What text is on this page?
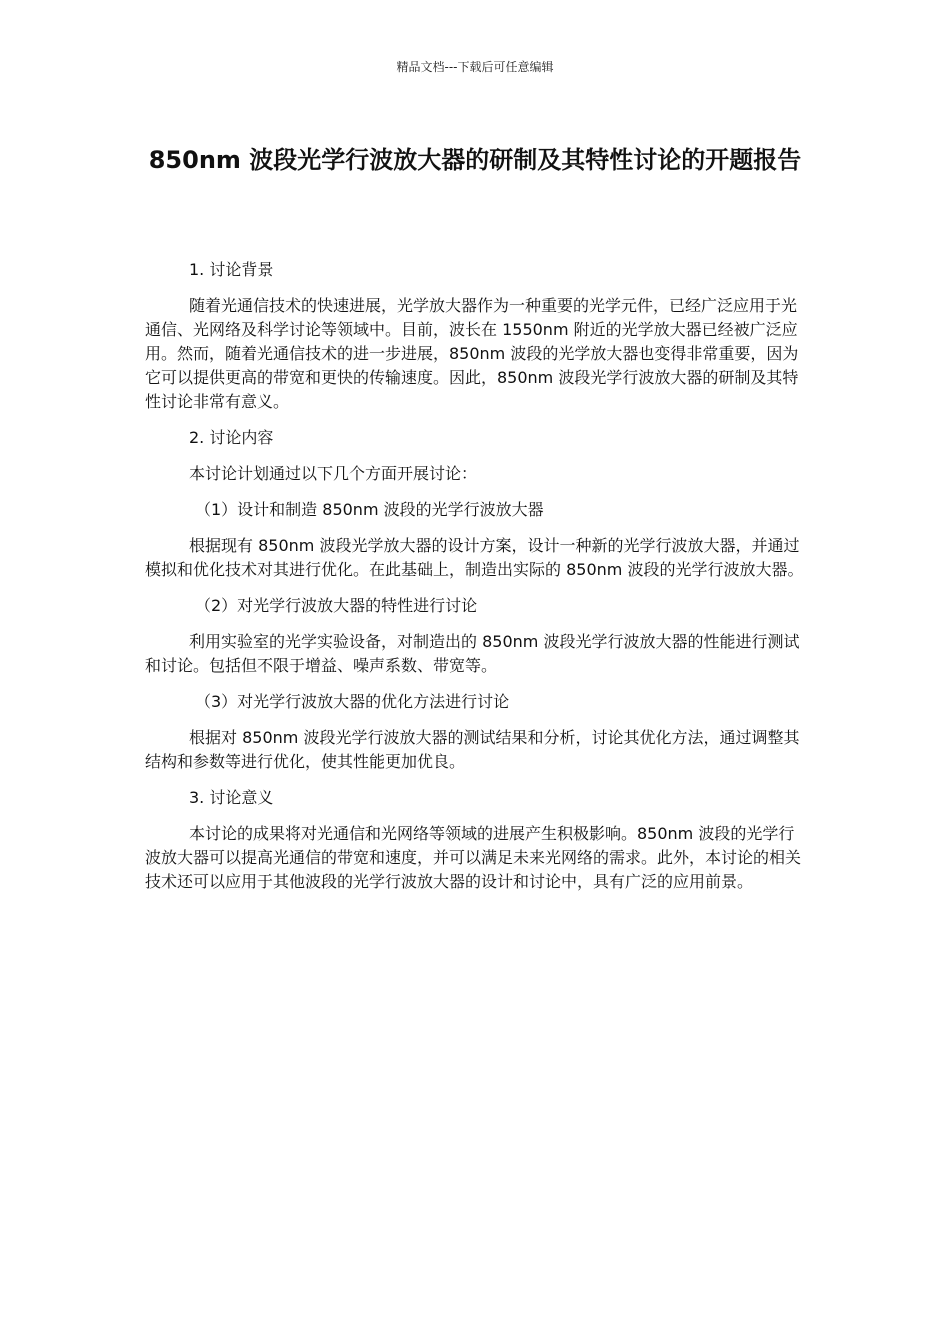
精品文档---下载后可任意编辑
850nm 波段光学行波放大器的研制及其特性讨论的开题报告

1. 讨论背景

随着光通信技术的快速进展，光学放大器作为一种重要的光学元件，已经广泛应用于光通信、光网络及科学讨论等领域中。目前，波长在 1550nm 附近的光学放大器已经被广泛应用。然而，随着光通信技术的进一步进展，850nm 波段的光学放大器也变得非常重要，因为它可以提供更高的带宽和更快的传输速度。因此，850nm 波段光学行波放大器的研制及其特性讨论非常有意义。

2. 讨论内容

本讨论计划通过以下几个方面开展讨论：

（1）设计和制造 850nm 波段的光学行波放大器

根据现有 850nm 波段光学放大器的设计方案，设计一种新的光学行波放大器，并通过模拟和优化技术对其进行优化。在此基础上，制造出实际的 850nm 波段的光学行波放大器。

（2）对光学行波放大器的特性进行讨论

利用实验室的光学实验设备，对制造出的 850nm 波段光学行波放大器的性能进行测试和讨论。包括但不限于增益、噪声系数、带宽等。

（3）对光学行波放大器的优化方法进行讨论

根据对 850nm 波段光学行波放大器的测试结果和分析，讨论其优化方法，通过调整其结构和参数等进行优化，使其性能更加优良。

3. 讨论意义

本讨论的成果将对光通信和光网络等领域的进展产生积极影响。850nm 波段的光学行波放大器可以提高光通信的带宽和速度，并可以满足未来光网络的需求。此外，本讨论的相关技术还可以应用于其他波段的光学行波放大器的设计和讨论中，具有广泛的应用前景。
